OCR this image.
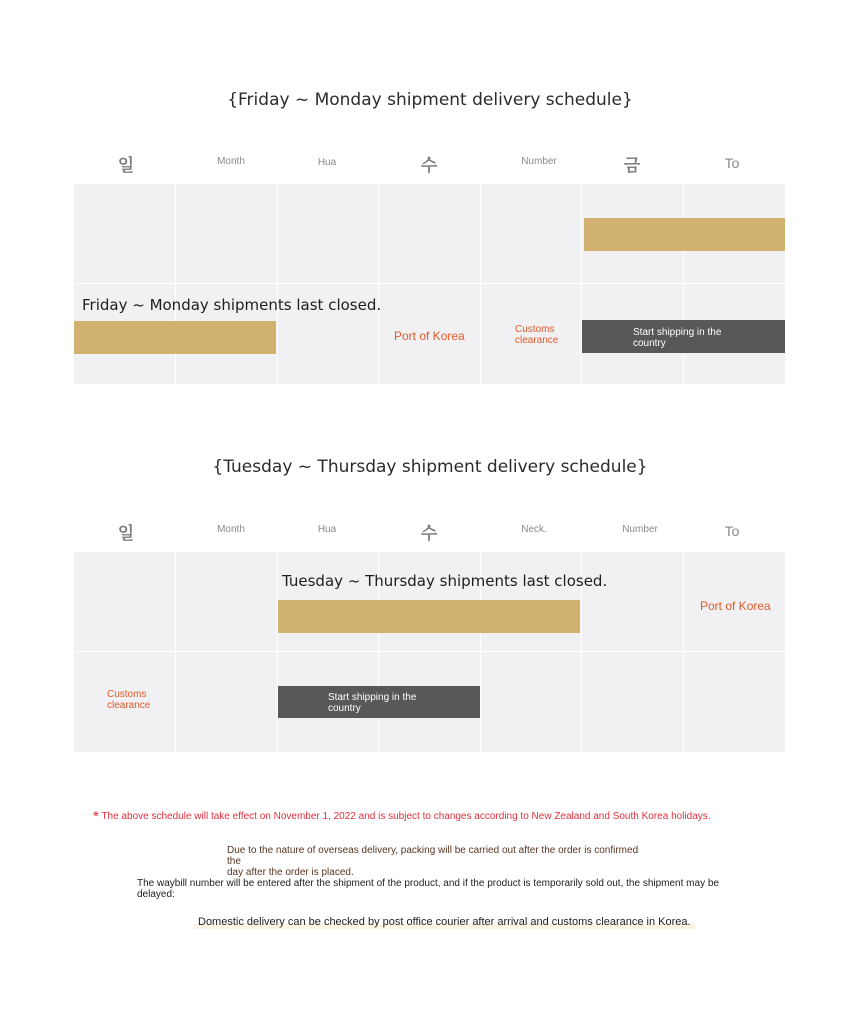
{Friday ~ Monday shipment delivery schedule}
일	Month	Hua	수	Number	금	To
Friday ~ Monday shipments last closed.
Port of Korea	Customs
clearance
Start shipping in the
country
{Tuesday ~ Thursday shipment delivery schedule}
일	Month	Hua	수	Neck.	Number	To
Tuesday ~ Thursday shipments last closed.
Port of Korea
Customs
clearance
Start shipping in the
country
* The above schedule will take effect on November 1, 2022 and is subject to changes according to New Zealand and South Korea holidays.
Due to the nature of overseas delivery, packing will be carried out after the order is confirmed the
day after the order is placed.
The waybill number will be entered after the shipment of the product, and if the product is temporarily sold out, the shipment may be
delayed:
Domestic delivery can be checked by post office courier after arrival and customs clearance in Korea.
